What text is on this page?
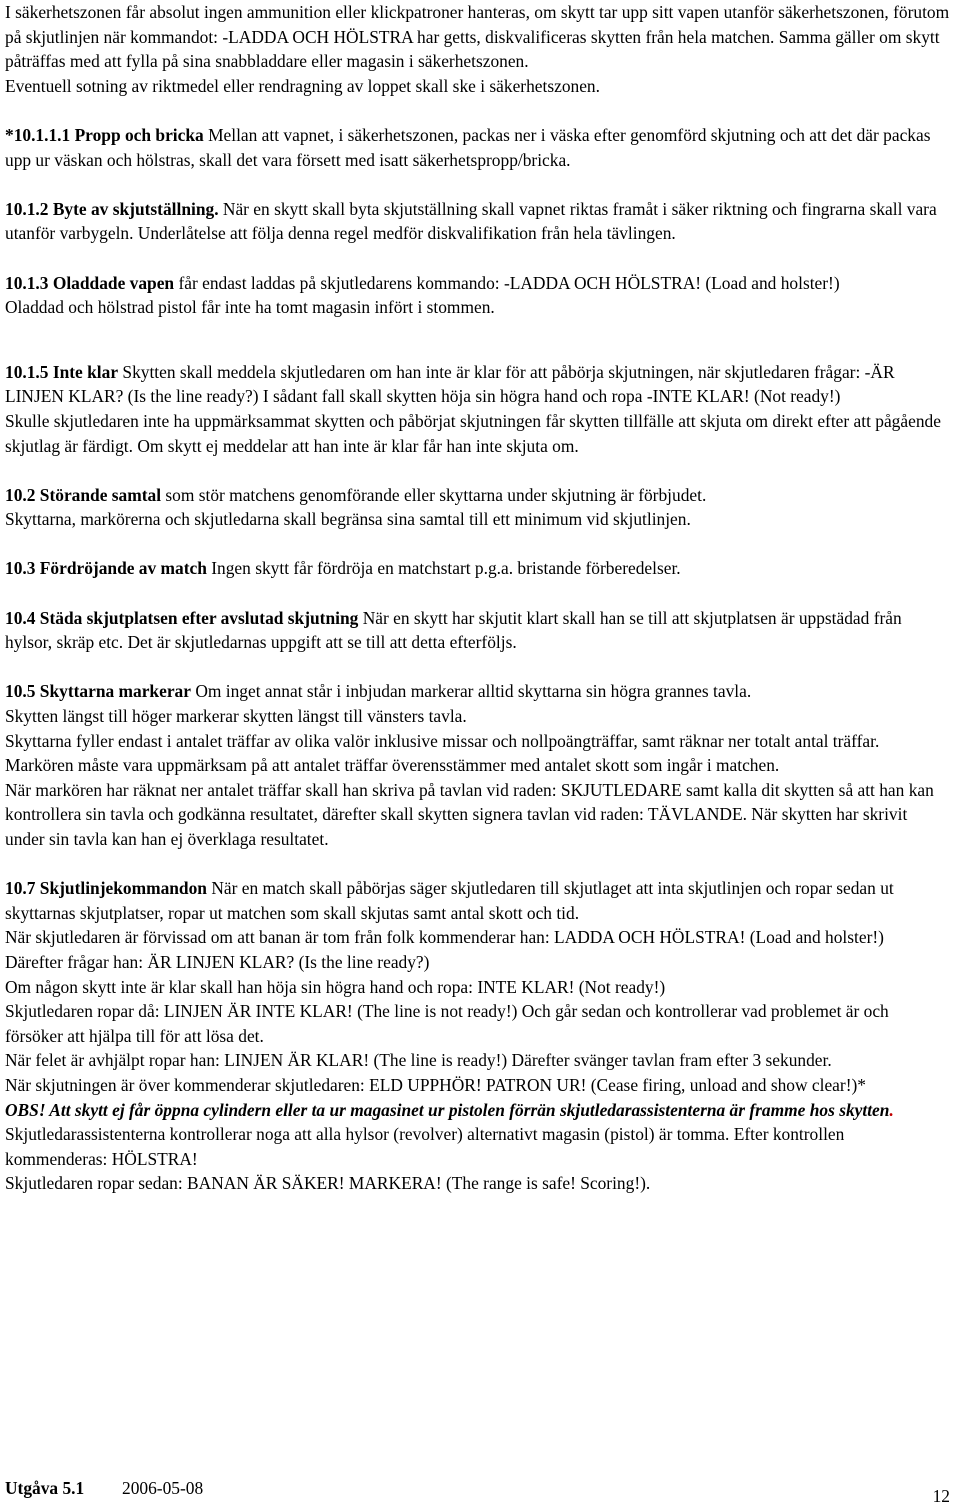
I säkerhetszonen får absolut ingen ammunition eller klickpatroner hanteras, om skytt tar upp sitt vapen utanför säkerhetszonen, förutom på skjutlinjen när kommandot: -LADDA OCH HÖLSTRA har getts, diskvalificeras skytten från hela matchen. Samma gäller om skytt påträffas med att fylla på sina snabbladdare eller magasin i säkerhetszonen.

Eventuell sotning av riktmedel eller rendragning av loppet skall ske i säkerhetszonen.

*10.1.1.1 Propp och bricka Mellan att vapnet, i säkerhetszonen, packas ner i väska efter genomförd skjutning och att det där packas upp ur väskan och hölstras, skall det vara försett med isatt säkerhetspropp/bricka.

10.1.2 Byte av skjutställning. När en skytt skall byta skjutställning skall vapnet riktas framåt i säker riktning och fingrarna skall vara utanför varbygeln. Underlåtelse att följa denna regel medför diskvalifikation från hela tävlingen.

10.1.3 Oladdade vapen får endast laddas på skjutledarens kommando: -LADDA OCH HÖLSTRA! (Load and holster!)

Oladdad och hölstrad pistol får inte ha tomt magasin infört i stommen.

10.1.5 Inte klar Skytten skall meddela skjutledaren om han inte är klar för att påbörja skjutningen, när skjutledaren frågar: -ÄR LINJEN KLAR? (Is the line ready?) I sådant fall skall skytten höja sin högra hand och ropa -INTE KLAR! (Not ready!)

Skulle skjutledaren inte ha uppmärksammat skytten och påbörjat skjutningen får skytten tillfälle att skjuta om direkt efter att pågående skjutlag är färdigt. Om skytt ej meddelar att han inte är klar får han inte skjuta om.

10.2 Störande samtal som stör matchens genomförande eller skyttarna under skjutning är förbjudet.

Skyttarna, markörerna och skjutledarna skall begränsa sina samtal till ett minimum vid skjutlinjen.

10.3 Fördröjande av match Ingen skytt får fördröja en matchstart p.g.a. bristande förberedelser.

10.4 Städa skjutplatsen efter avslutad skjutning När en skytt har skjutit klart skall han se till att skjutplatsen är uppstädad från hylsor, skräp etc. Det är skjutledarnas uppgift att se till att detta efterföljs.

10.5 Skyttarna markerar Om inget annat står i inbjudan markerar alltid skyttarna sin högra grannes tavla.

Skytten längst till höger markerar skytten längst till vänsters tavla.

Skyttarna fyller endast i antalet träffar av olika valör inklusive missar och nollpoängträffar, samt räknar ner totalt antal träffar. Markören måste vara uppmärksam på att antalet träffar överensstämmer med antalet skott som ingår i matchen.

När markören har räknat ner antalet träffar skall han skriva på tavlan vid raden: SKJUTLEDARE samt kalla dit skytten så att han kan kontrollera sin tavla och godkänna resultatet, därefter skall skytten signera tavlan vid raden: TÄVLANDE. När skytten har skrivit under sin tavla kan han ej överklaga resultatet.

10.7 Skjutlinjekommandon När en match skall påbörjas säger skjutledaren till skjutlaget att inta skjutlinjen och ropar sedan ut skyttarnas skjutplatser, ropar ut matchen som skall skjutas samt antal skott och tid.

När skjutledaren är förvissad om att banan är tom från folk kommenderar han: LADDA OCH HÖLSTRA! (Load and holster!)

Därefter frågar han: ÄR LINJEN KLAR? (Is the line ready?)

Om någon skytt inte är klar skall han höja sin högra hand och ropa: INTE KLAR! (Not ready!)

Skjutledaren ropar då: LINJEN ÄR INTE KLAR! (The line is not ready!) Och går sedan och kontrollerar vad problemet är och försöker att hjälpa till för att lösa det.

När felet är avhjälpt ropar han: LINJEN ÄR KLAR! (The line is ready!) Därefter svänger tavlan fram efter 3 sekunder.

När skjutningen är över kommenderar skjutledaren: ELD UPPHÖR! PATRON UR! (Cease firing, unload and show clear!)*

OBS! Att skytt ej får öppna cylindern eller ta ur magasinet ur pistolen förrän skjutledarassistenterna är framme hos skytten.

Skjutledarassistenterna kontrollerar noga att alla hylsor (revolver) alternativt magasin (pistol) är tomma. Efter kontrollen kommenderas: HÖLSTRA!

Skjutledaren ropar sedan: BANAN ÄR SÄKER! MARKERA! (The range is safe! Scoring!).

Utgåva 5.1 2006-05-08	12
